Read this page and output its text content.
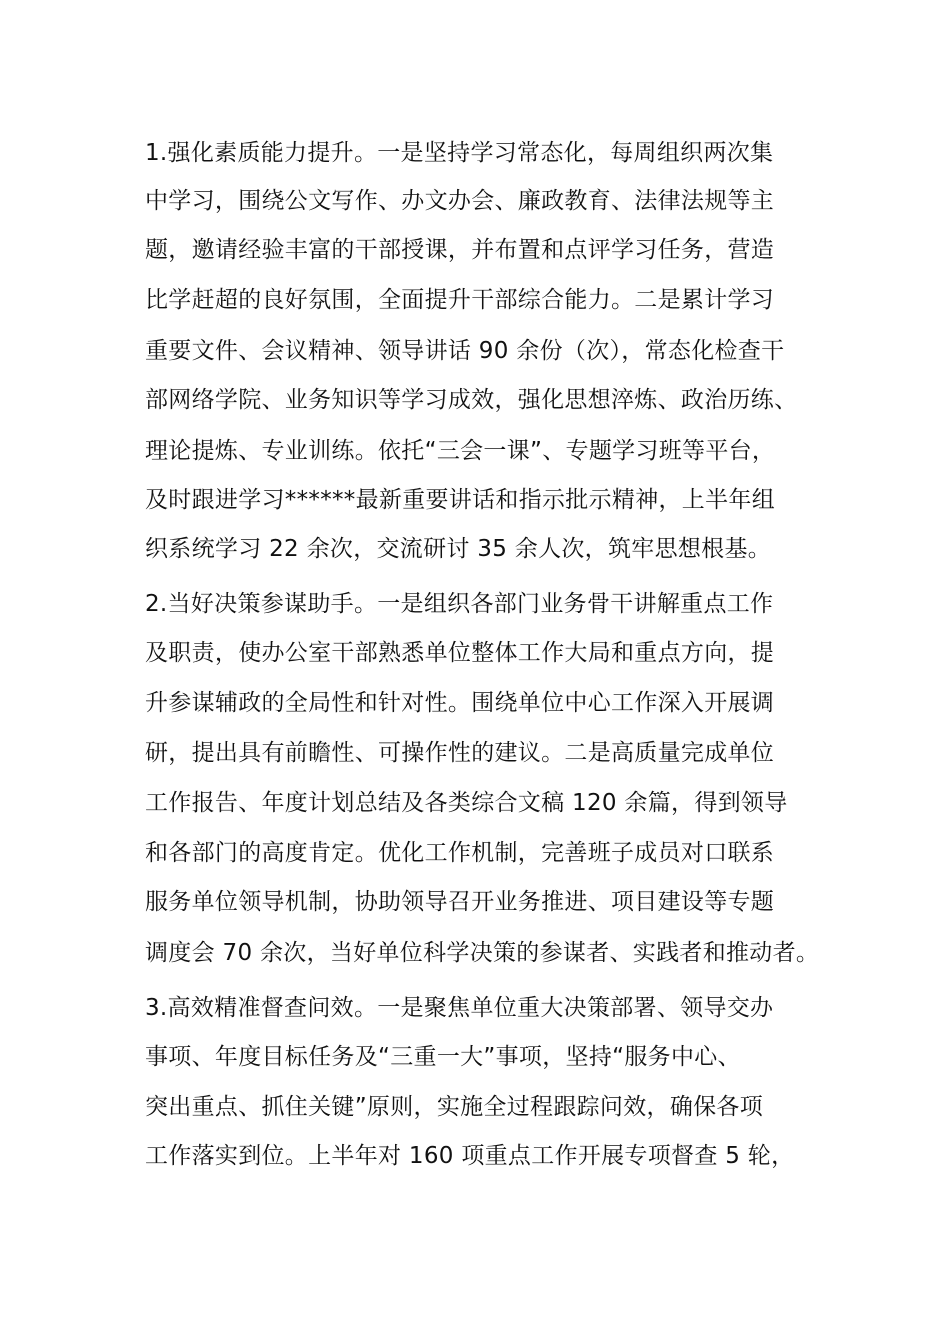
1.强化素质能力提升。一是坚持学习常态化，每周组织两次集
中学习，围绕公文写作、办文办会、廉政教育、法律法规等主
题，邀请经验丰富的干部授课，并布置和点评学习任务，营造
比学赶超的良好氛围，全面提升干部综合能力。二是累计学习
重要文件、会议精神、领导讲话 90 余份（次），常态化检查干
部网络学院、业务知识等学习成效，强化思想淬炼、政治历练、
理论提炼、专业训练。依托“三会一课”、专题学习班等平台，
及时跟进学习******最新重要讲话和指示批示精神，上半年组
织系统学习 22 余次，交流研讨 35 余人次，筑牢思想根基。
2.当好决策参谋助手。一是组织各部门业务骨干讲解重点工作
及职责，使办公室干部熟悉单位整体工作大局和重点方向，提
升参谋辅政的全局性和针对性。围绕单位中心工作深入开展调
研，提出具有前瞻性、可操作性的建议。二是高质量完成单位
工作报告、年度计划总结及各类综合文稿 120 余篇，得到领导
和各部门的高度肯定。优化工作机制，完善班子成员对口联系
服务单位领导机制，协助领导召开业务推进、项目建设等专题
调度会 70 余次，当好单位科学决策的参谋者、实践者和推动者。
3.高效精准督查问效。一是聚焦单位重大决策部署、领导交办
事项、年度目标任务及“三重一大”事项，坚持“服务中心、
突出重点、抓住关键”原则，实施全过程跟踪问效，确保各项
工作落实到位。上半年对 160 项重点工作开展专项督查 5 轮，
